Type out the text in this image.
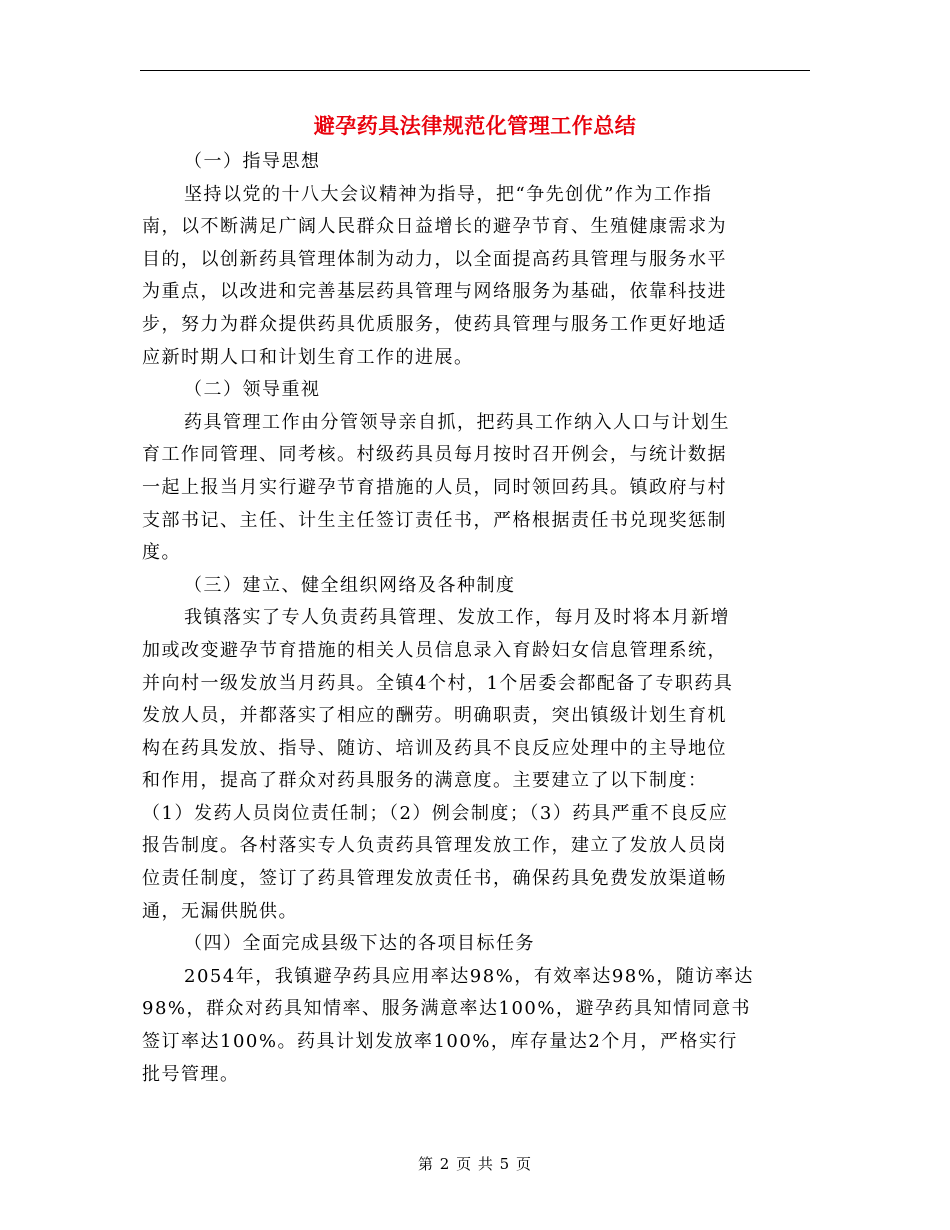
避孕药具法律规范化管理工作总结
（一）指导思想
坚持以党的十八大会议精神为指导，把“争先创优”作为工作指
南，以不断满足广阔人民群众日益增长的避孕节育、生殖健康需求为
目的，以创新药具管理体制为动力，以全面提高药具管理与服务水平
为重点，以改进和完善基层药具管理与网络服务为基础，依靠科技进
步，努力为群众提供药具优质服务，使药具管理与服务工作更好地适
应新时期人口和计划生育工作的进展。
（二）领导重视
药具管理工作由分管领导亲自抓，把药具工作纳入人口与计划生
育工作同管理、同考核。村级药具员每月按时召开例会，与统计数据
一起上报当月实行避孕节育措施的人员，同时领回药具。镇政府与村
支部书记、主任、计生主任签订责任书，严格根据责任书兑现奖惩制
度。
（三）建立、健全组织网络及各种制度
我镇落实了专人负责药具管理、发放工作，每月及时将本月新增
加或改变避孕节育措施的相关人员信息录入育龄妇女信息管理系统，
并向村一级发放当月药具。全镇4个村，1个居委会都配备了专职药具
发放人员，并都落实了相应的酬劳。明确职责，突出镇级计划生育机
构在药具发放、指导、随访、培训及药具不良反应处理中的主导地位
和作用，提高了群众对药具服务的满意度。主要建立了以下制度：
（1）发药人员岗位责任制；（2）例会制度；（3）药具严重不良反应
报告制度。各村落实专人负责药具管理发放工作，建立了发放人员岗
位责任制度，签订了药具管理发放责任书，确保药具免费发放渠道畅
通，无漏供脱供。
（四）全面完成县级下达的各项目标任务
2054年，我镇避孕药具应用率达98%，有效率达98%，随访率达
98%，群众对药具知情率、服务满意率达100%，避孕药具知情同意书
签订率达100%。药具计划发放率100%，库存量达2个月，严格实行
批号管理。
第 2 页 共 5 页
